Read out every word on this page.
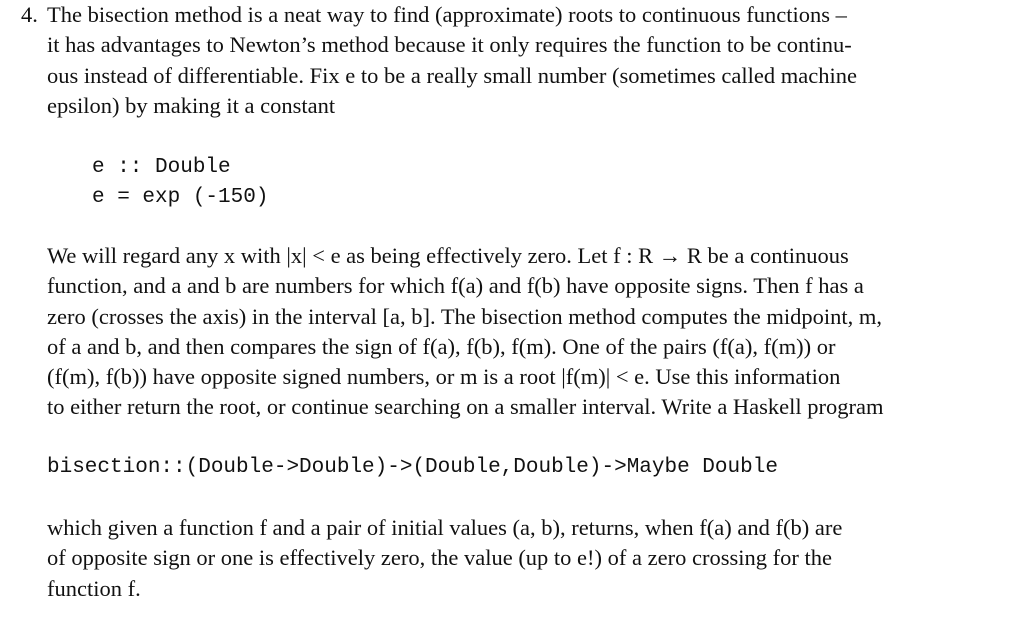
4. The bisection method is a neat way to find (approximate) roots to continuous functions –
it has advantages to Newton’s method because it only requires the function to be continu-
ous instead of differentiable. Fix e to be a really small number (sometimes called machine
epsilon) by making it a constant
e :: Double
e = exp (-150)
We will regard any x with |x| < e as being effectively zero. Let f : R → R be a continuous
function, and a and b are numbers for which f(a) and f(b) have opposite signs. Then f has a
zero (crosses the axis) in the interval [a, b]. The bisection method computes the midpoint, m,
of a and b, and then compares the sign of f(a), f(b), f(m). One of the pairs (f(a), f(m)) or
(f(m), f(b)) have opposite signed numbers, or m is a root |f(m)| < e. Use this information
to either return the root, or continue searching on a smaller interval. Write a Haskell program
bisection::(Double->Double)->(Double,Double)->Maybe Double
which given a function f and a pair of initial values (a, b), returns, when f(a) and f(b) are
of opposite sign or one is effectively zero, the value (up to e!) of a zero crossing for the
function f.
